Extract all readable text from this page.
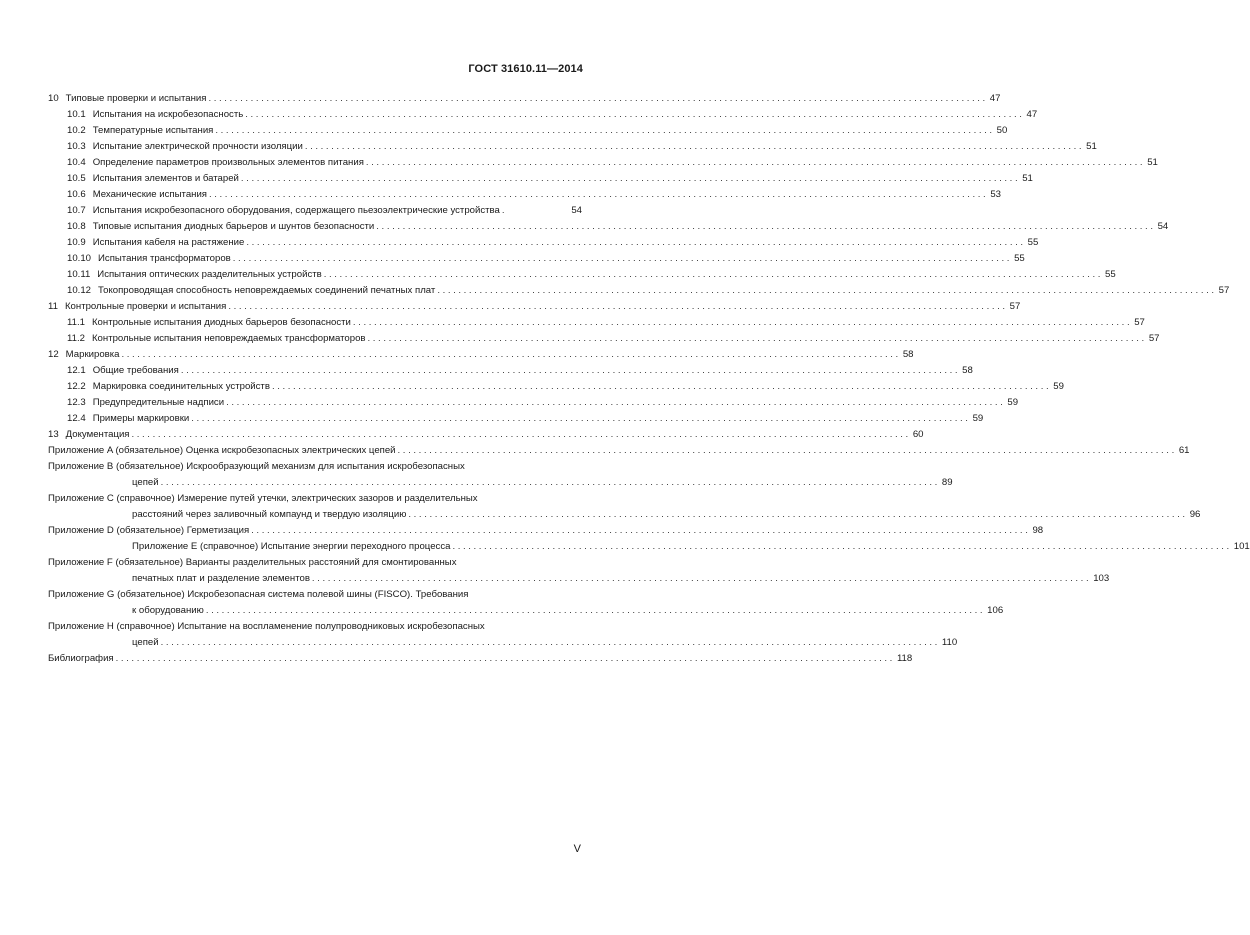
ГОСТ 31610.11—2014
10 Типовые проверки и испытания .................................................................................................................................................... 47
10.1 Испытания на искробезопасность .................................................................................................................................................... 47
10.2 Температурные испытания .................................................................................................................................................... 50
10.3 Испытание электрической прочности изоляции .................................................................................................................................................... 51
10.4 Определение параметров произвольных элементов питания .................................................................................................................................................... 51
10.5 Испытания элементов и батарей .................................................................................................................................................... 51
10.6 Механические испытания .................................................................................................................................................... 53
10.7 Испытания искробезопасного оборудования, содержащего пьезоэлектрические устройства .	54
10.8 Типовые испытания диодных барьеров и шунтов безопасности .................................................................................................................................................... 54
10.9 Испытания кабеля на растяжение .................................................................................................................................................... 55
10.10 Испытания трансформаторов .................................................................................................................................................... 55
10.11 Испытания оптических разделительных устройств .................................................................................................................................................... 55
10.12 Токопроводящая способность неповреждаемых соединений печатных плат .................................................................................................................................................... 57
11 Контрольные проверки и испытания .................................................................................................................................................... 57
11.1 Контрольные испытания диодных барьеров безопасности .................................................................................................................................................... 57
11.2 Контрольные испытания неповреждаемых трансформаторов .................................................................................................................................................... 57
12 Маркировка .................................................................................................................................................... 58
12.1 Общие требования .................................................................................................................................................... 58
12.2 Маркировка соединительных устройств .................................................................................................................................................... 59
12.3 Предупредительные надписи .................................................................................................................................................... 59
12.4 Примеры маркировки .................................................................................................................................................... 59
13 Документация .................................................................................................................................................... 60
Приложение A (обязательное) Оценка искробезопасных электрических цепей .................................................................................................................................................... 61
Приложение B (обязательное) Искрообразующий механизм для испытания искробезопасных
цепей .................................................................................................................................................... 89
Приложение C (справочное) Измерение путей утечки, электрических зазоров и разделительных
расстояний через заливочный компаунд и твердую изоляцию .................................................................................................................................................... 96
Приложение D (обязательное) Герметизация .................................................................................................................................................... 98
Приложение E (справочное) Испытание энергии переходного процесса .................................................................................................................................................... 101
Приложение F (обязательное) Варианты разделительных расстояний для смонтированных
печатных плат и разделение элементов .................................................................................................................................................... 103
Приложение G (обязательное) Искробезопасная система полевой шины (FISCO). Требования
к оборудованию .................................................................................................................................................... 106
Приложение H (справочное) Испытание на воспламенение полупроводниковых искробезопасных
цепей .................................................................................................................................................... 110
Библиография .................................................................................................................................................... 118
V
